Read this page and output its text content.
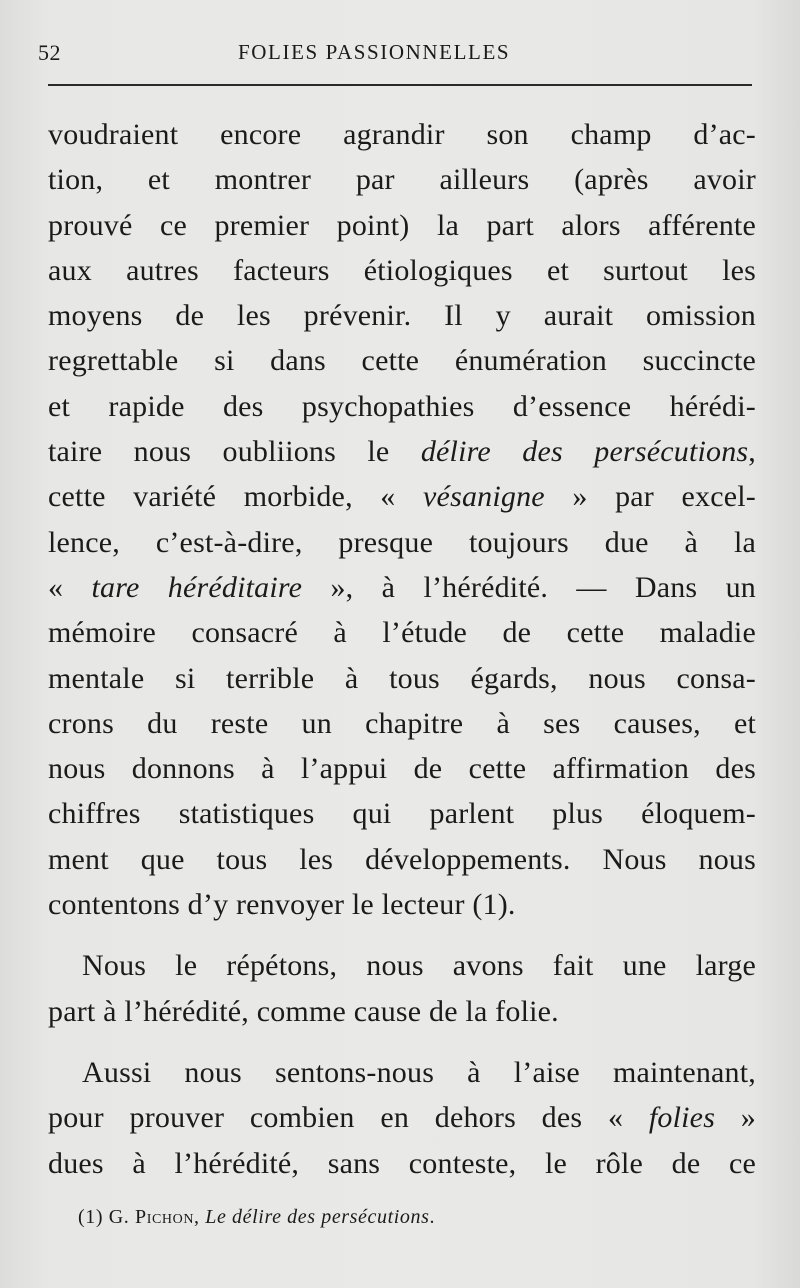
52	FOLIES PASSIONNELLES
voudraient encore agrandir son champ d’ac-
tion, et montrer par ailleurs (après avoir
prouvé ce premier point) la part alors afférente
aux autres facteurs étiologiques et surtout les
moyens de les prévenir. Il y aurait omission
regrettable si dans cette énumération succincte
et rapide des psychopathies d’essence hérédi-
taire nous oubliions le délire des persécutions,
cette variété morbide, « vésanigne » par excel-
lence, c’est-à-dire, presque toujours due à la
« tare héréditaire », à l’hérédité. — Dans un
mémoire consacré à l’étude de cette maladie
mentale si terrible à tous égards, nous consa-
crons du reste un chapitre à ses causes, et
nous donnons à l’appui de cette affirmation des
chiffres statistiques qui parlent plus éloquem-
ment que tous les développements. Nous nous
contentons d’y renvoyer le lecteur (1).
Nous le répétons, nous avons fait une large
part à l’hérédité, comme cause de la folie.
Aussi nous sentons-nous à l’aise maintenant,
pour prouver combien en dehors des « folies »
dues à l’hérédité, sans conteste, le rôle de ce
(1) G. Pichon, Le délire des persécutions.
